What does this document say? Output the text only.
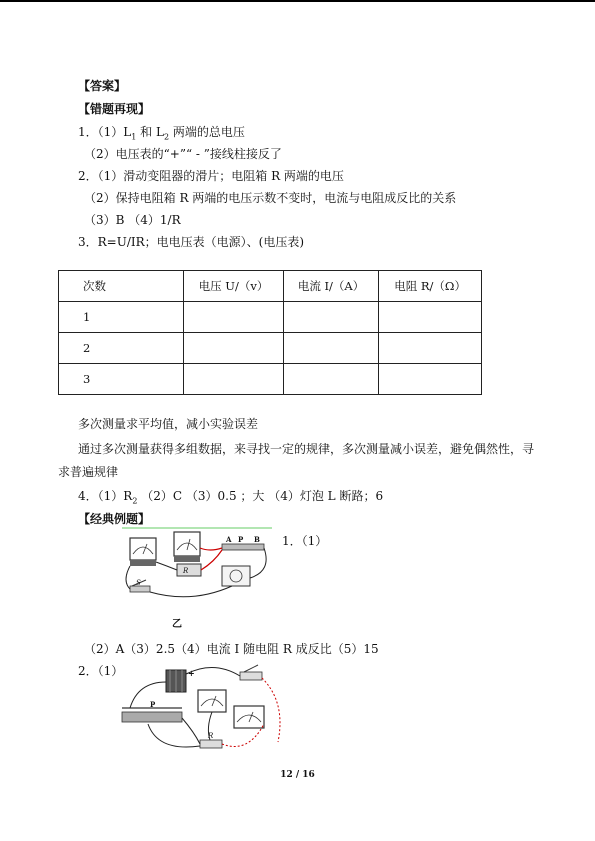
【答案】
【错题再现】
1．$(1)L_1$ 和 $L_2$ 两端的总电压
（2）电压表的“+”“ - ”接线柱接反了
2．（1）滑动变阻器的滑片；电阻箱 R 两端的电压
（2）保持电阻箱 R 两端的电压示数不变时，电流与电阻成反比的关系
（3）B （4）1/R
3．R=U/IR；电电压表（电源）、(电压表)
次数	电压 U/（v）	电流 I/（A）	电阻 R/（Ω）
1			
2			
3			
多次测量求平均值，减小实验误差
通过多次测量获得多组数据，来寻找一定的规律，多次测量减小误差，避免偶然性，寻
求普遍规律
4．$(1)R_2$ （2）C （3）0.5 ；大 （4）灯泡 L 断路；6
【经典例题】
R
A P B
S
1．（1）
乙
（2）A（3）2.5（4）电流 I 随电阻 R 成反比（5）15
2．（1）	+
P
R
12 / 16
